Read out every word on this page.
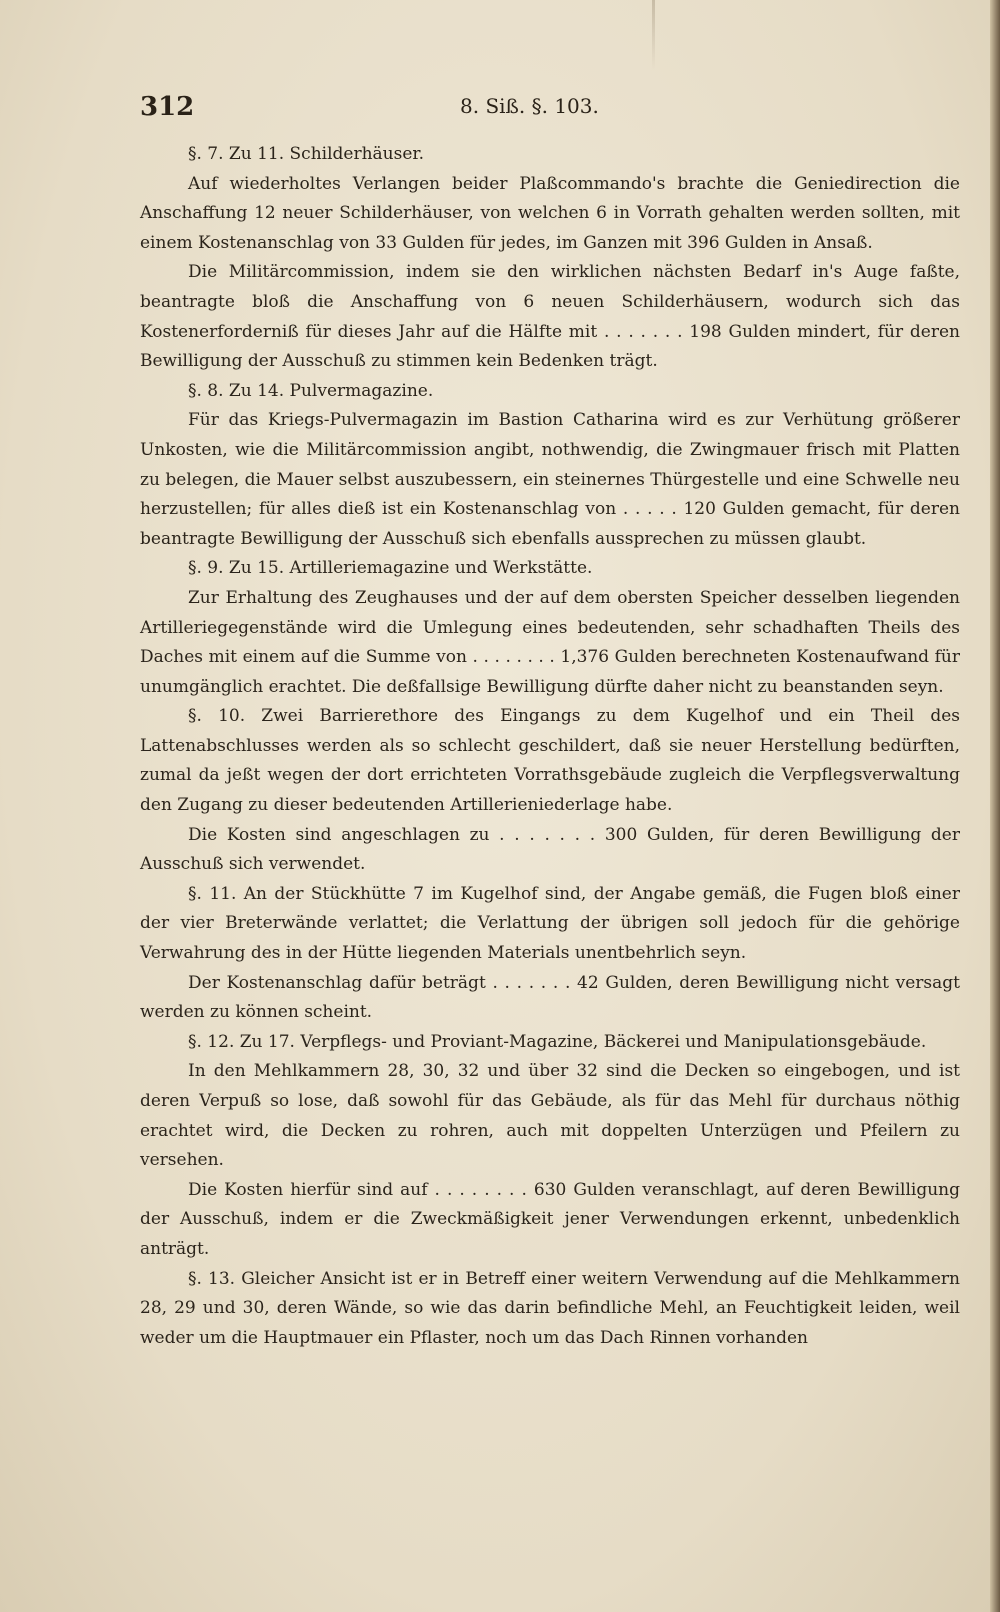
312	8. Siß. §. 103.

§. 7. Zu 11. Schilderhäuser.

Auf wiederholtes Verlangen beider Plaßcommando's brachte die Geniedirection die Anschaffung 12 neuer Schilderhäuser, von welchen 6 in Vorrath gehalten werden sollten, mit einem Kostenanschlag von 33 Gulden für jedes, im Ganzen mit 396 Gulden in Ansaß.

Die Militärcommission, indem sie den wirklichen nächsten Bedarf in's Auge faßte, beantragte bloß die Anschaffung von 6 neuen Schilderhäusern, wodurch sich das Kostenerforderniß für dieses Jahr auf die Hälfte mit . . . . . . . 198 Gulden mindert, für deren Bewilligung der Ausschuß zu stimmen kein Bedenken trägt.

§. 8. Zu 14. Pulvermagazine.

Für das Kriegs-Pulvermagazin im Bastion Catharina wird es zur Verhütung größerer Unkosten, wie die Militärcommission angibt, nothwendig, die Zwingmauer frisch mit Platten zu belegen, die Mauer selbst auszubessern, ein steinernes Thürgestelle und eine Schwelle neu herzustellen; für alles dieß ist ein Kostenanschlag von . . . . . 120 Gulden gemacht, für deren beantragte Bewilligung der Ausschuß sich ebenfalls aussprechen zu müssen glaubt.

§. 9. Zu 15. Artilleriemagazine und Werkstätte.

Zur Erhaltung des Zeughauses und der auf dem obersten Speicher desselben liegenden Artilleriegegenstände wird die Umlegung eines bedeutenden, sehr schadhaften Theils des Daches mit einem auf die Summe von . . . . . . . . 1,376 Gulden berechneten Kostenaufwand für unumgänglich erachtet. Die deßfallsige Bewilligung dürfte daher nicht zu beanstanden seyn.

§. 10. Zwei Barrierethore des Eingangs zu dem Kugelhof und ein Theil des Lattenabschlusses werden als so schlecht geschildert, daß sie neuer Herstellung bedürften, zumal da jeßt wegen der dort errichteten Vorrathsgebäude zugleich die Verpflegsverwaltung den Zugang zu dieser bedeutenden Artillerieniederlage habe.

Die Kosten sind angeschlagen zu . . . . . . . 300 Gulden, für deren Bewilligung der Ausschuß sich verwendet.

§. 11. An der Stückhütte 7 im Kugelhof sind, der Angabe gemäß, die Fugen bloß einer der vier Breterwände verlattet; die Verlattung der übrigen soll jedoch für die gehörige Verwahrung des in der Hütte liegenden Materials unentbehrlich seyn.

Der Kostenanschlag dafür beträgt . . . . . . . 42 Gulden, deren Bewilligung nicht versagt werden zu können scheint.

§. 12. Zu 17. Verpflegs- und Proviant-Magazine, Bäckerei und Manipulationsgebäude.

In den Mehlkammern 28, 30, 32 und über 32 sind die Decken so eingebogen, und ist deren Verpuß so lose, daß sowohl für das Gebäude, als für das Mehl für durchaus nöthig erachtet wird, die Decken zu rohren, auch mit doppelten Unterzügen und Pfeilern zu versehen.

Die Kosten hierfür sind auf . . . . . . . . 630 Gulden veranschlagt, auf deren Bewilligung der Ausschuß, indem er die Zweckmäßigkeit jener Verwendungen erkennt, unbedenklich anträgt.

§. 13. Gleicher Ansicht ist er in Betreff einer weitern Verwendung auf die Mehlkammern 28, 29 und 30, deren Wände, so wie das darin befindliche Mehl, an Feuchtigkeit leiden, weil weder um die Hauptmauer ein Pflaster, noch um das Dach Rinnen vorhanden
